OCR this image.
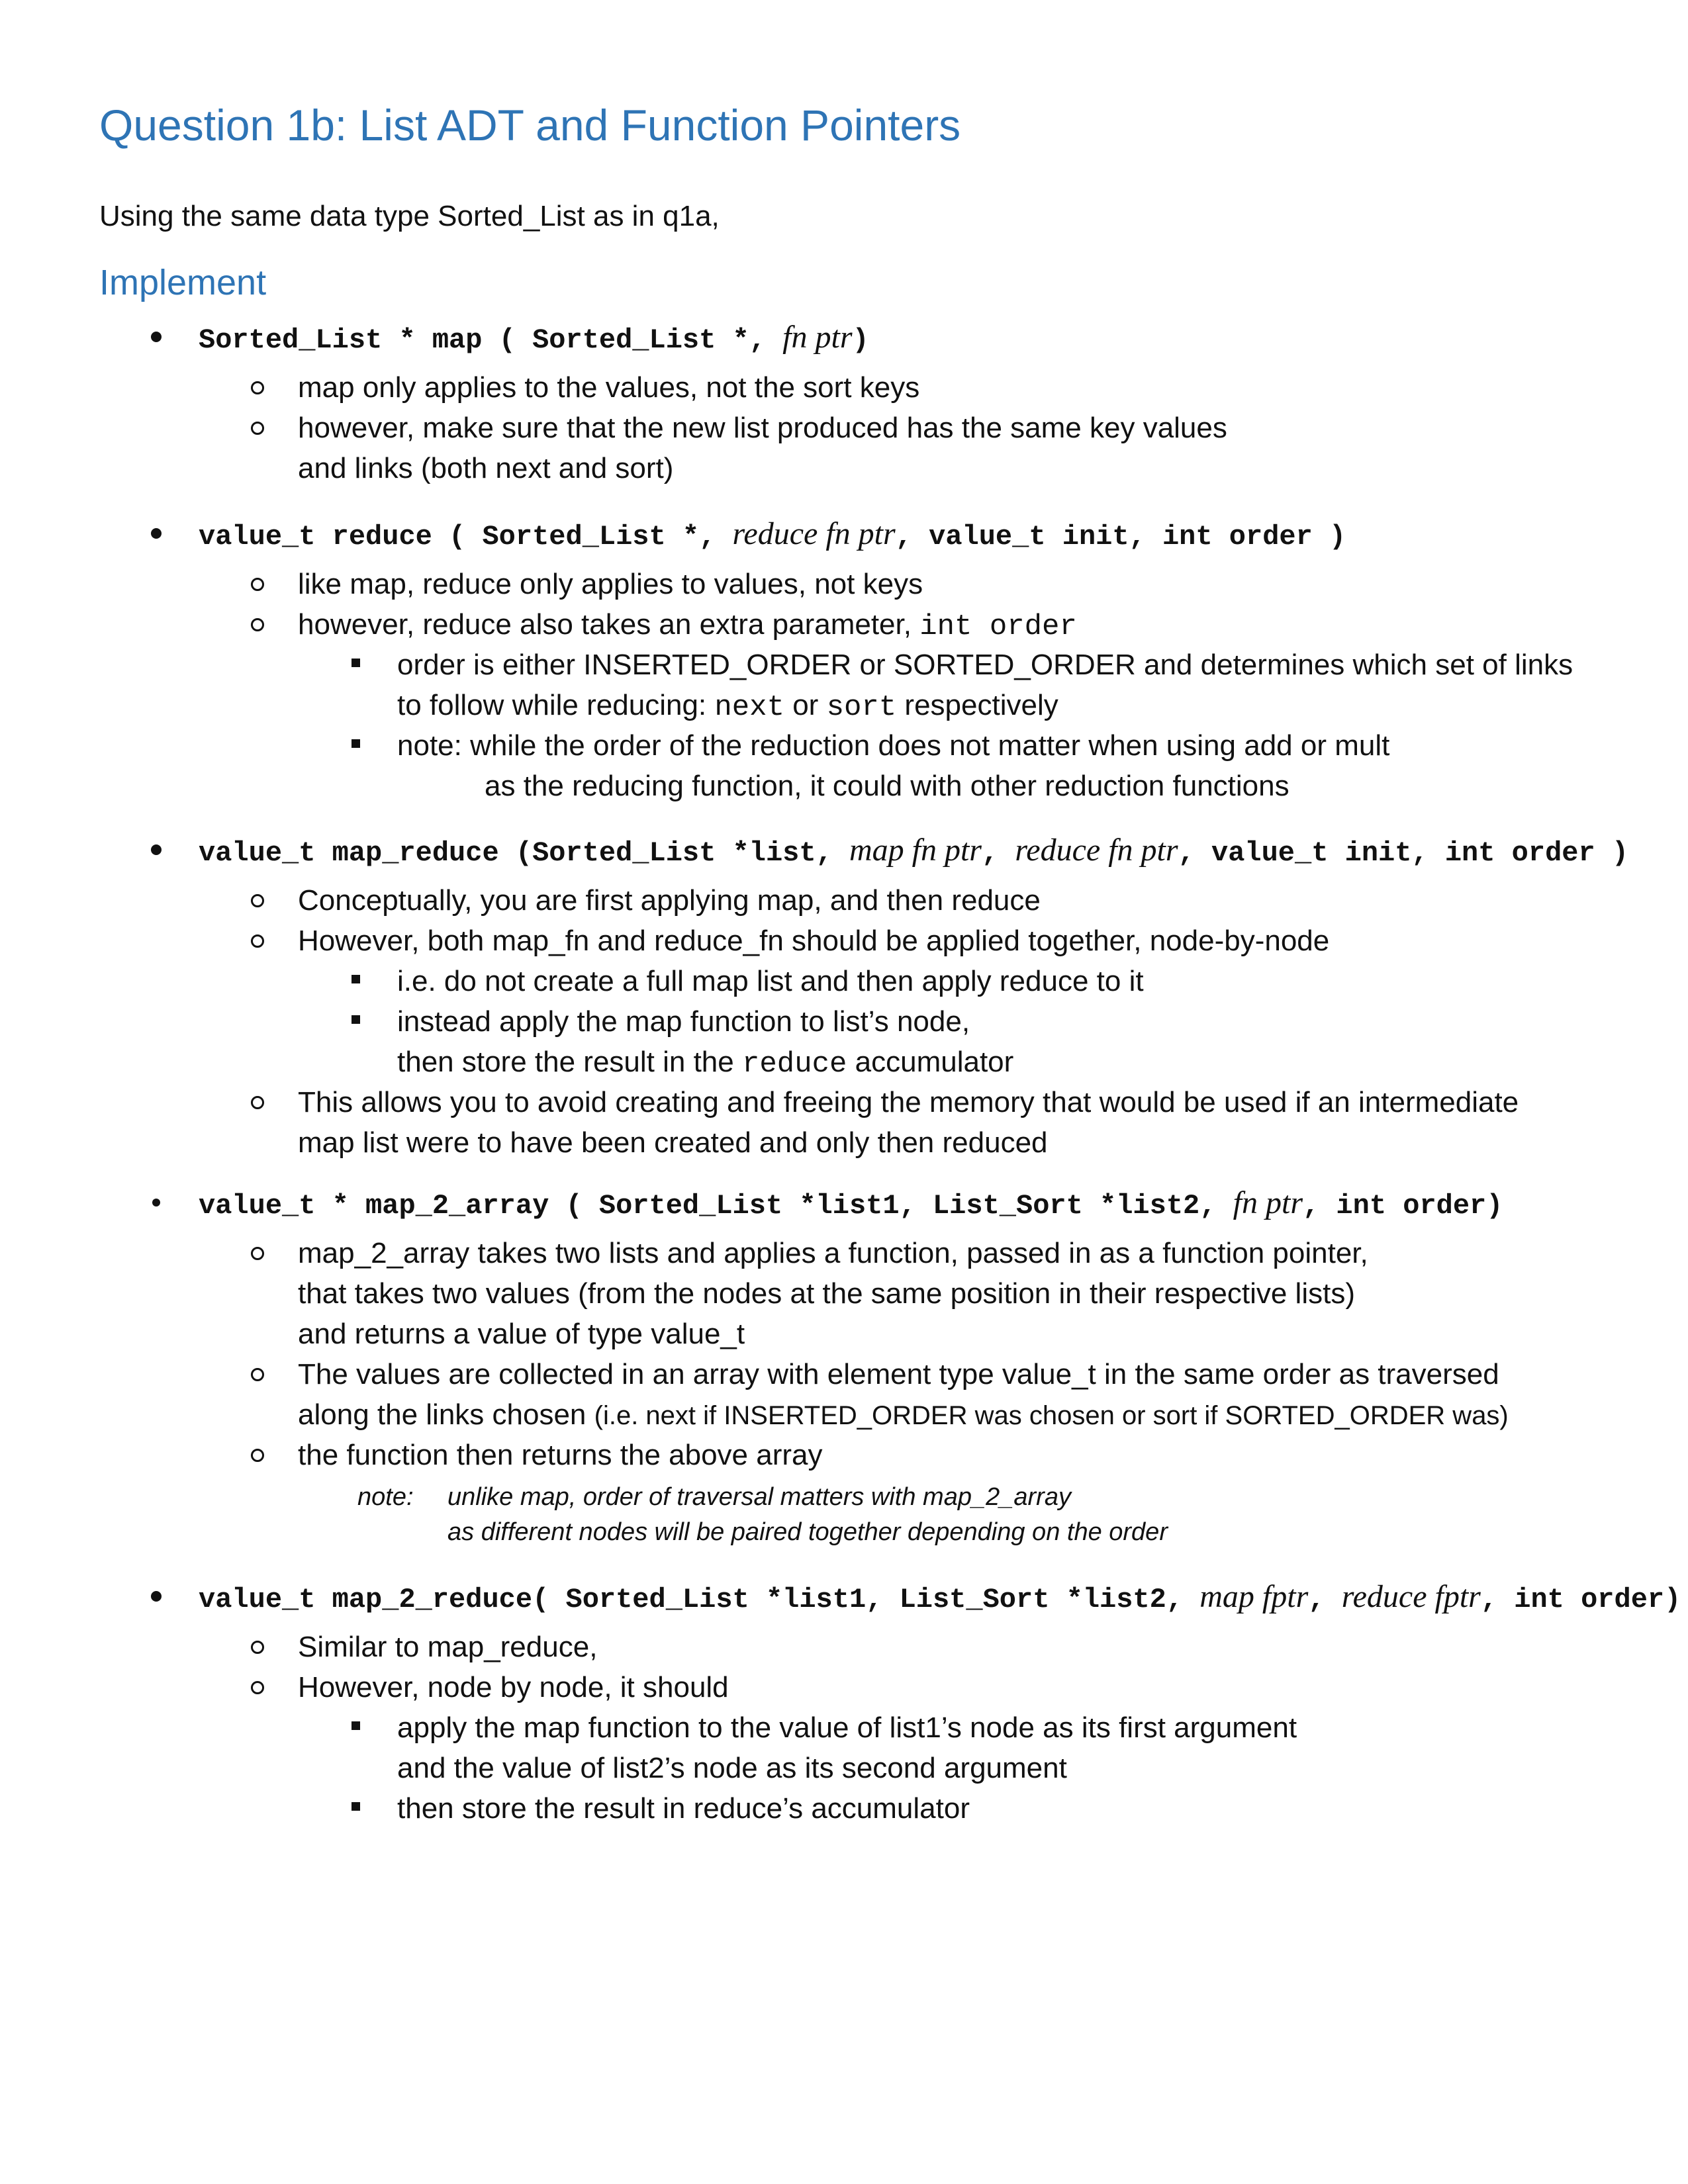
Question 1b: List ADT and Function Pointers

Using the same data type Sorted_List as in q1a,

Implement

Sorted_List * map ( Sorted_List *, fn ptr)

map only applies to the values, not the sort keys

however, make sure that the new list produced has the same key values

and links (both next and sort)

value_t reduce ( Sorted_List *, reduce fn ptr, value_t init, int order )

like map, reduce only applies to values, not keys

however, reduce also takes an extra parameter, int order

order is either INSERTED_ORDER or SORTED_ORDER and determines which set of links

to follow while reducing: next or sort respectively

note: while the order of the reduction does not matter when using add or mult

as the reducing function, it could with other reduction functions

value_t map_reduce (Sorted_List *list, map fn ptr, reduce fn ptr, value_t init, int order )

Conceptually, you are first applying map, and then reduce

However, both map_fn and reduce_fn should be applied together, node-by-node

i.e. do not create a full map list and then apply reduce to it

instead apply the map function to list’s node,

then store the result in the reduce accumulator

This allows you to avoid creating and freeing the memory that would be used if an intermediate

map list were to have been created and only then reduced

value_t * map_2_array ( Sorted_List *list1, List_Sort *list2, fn ptr, int order)

map_2_array takes two lists and applies a function, passed in as a function pointer,

that takes two values (from the nodes at the same position in their respective lists)

and returns a value of type value_t

The values are collected in an array with element type value_t in the same order as traversed

along the links chosen (i.e. next if INSERTED_ORDER was chosen or sort if SORTED_ORDER was)

the function then returns the above array

note: unlike map, order of traversal matters with map_2_array

as different nodes will be paired together depending on the order

value_t map_2_reduce( Sorted_List *list1, List_Sort *list2, map fptr, reduce fptr, int order)

Similar to map_reduce,

However, node by node, it should

apply the map function to the value of list1’s node as its first argument

and the value of list2’s node as its second argument

then store the result in reduce’s accumulator
